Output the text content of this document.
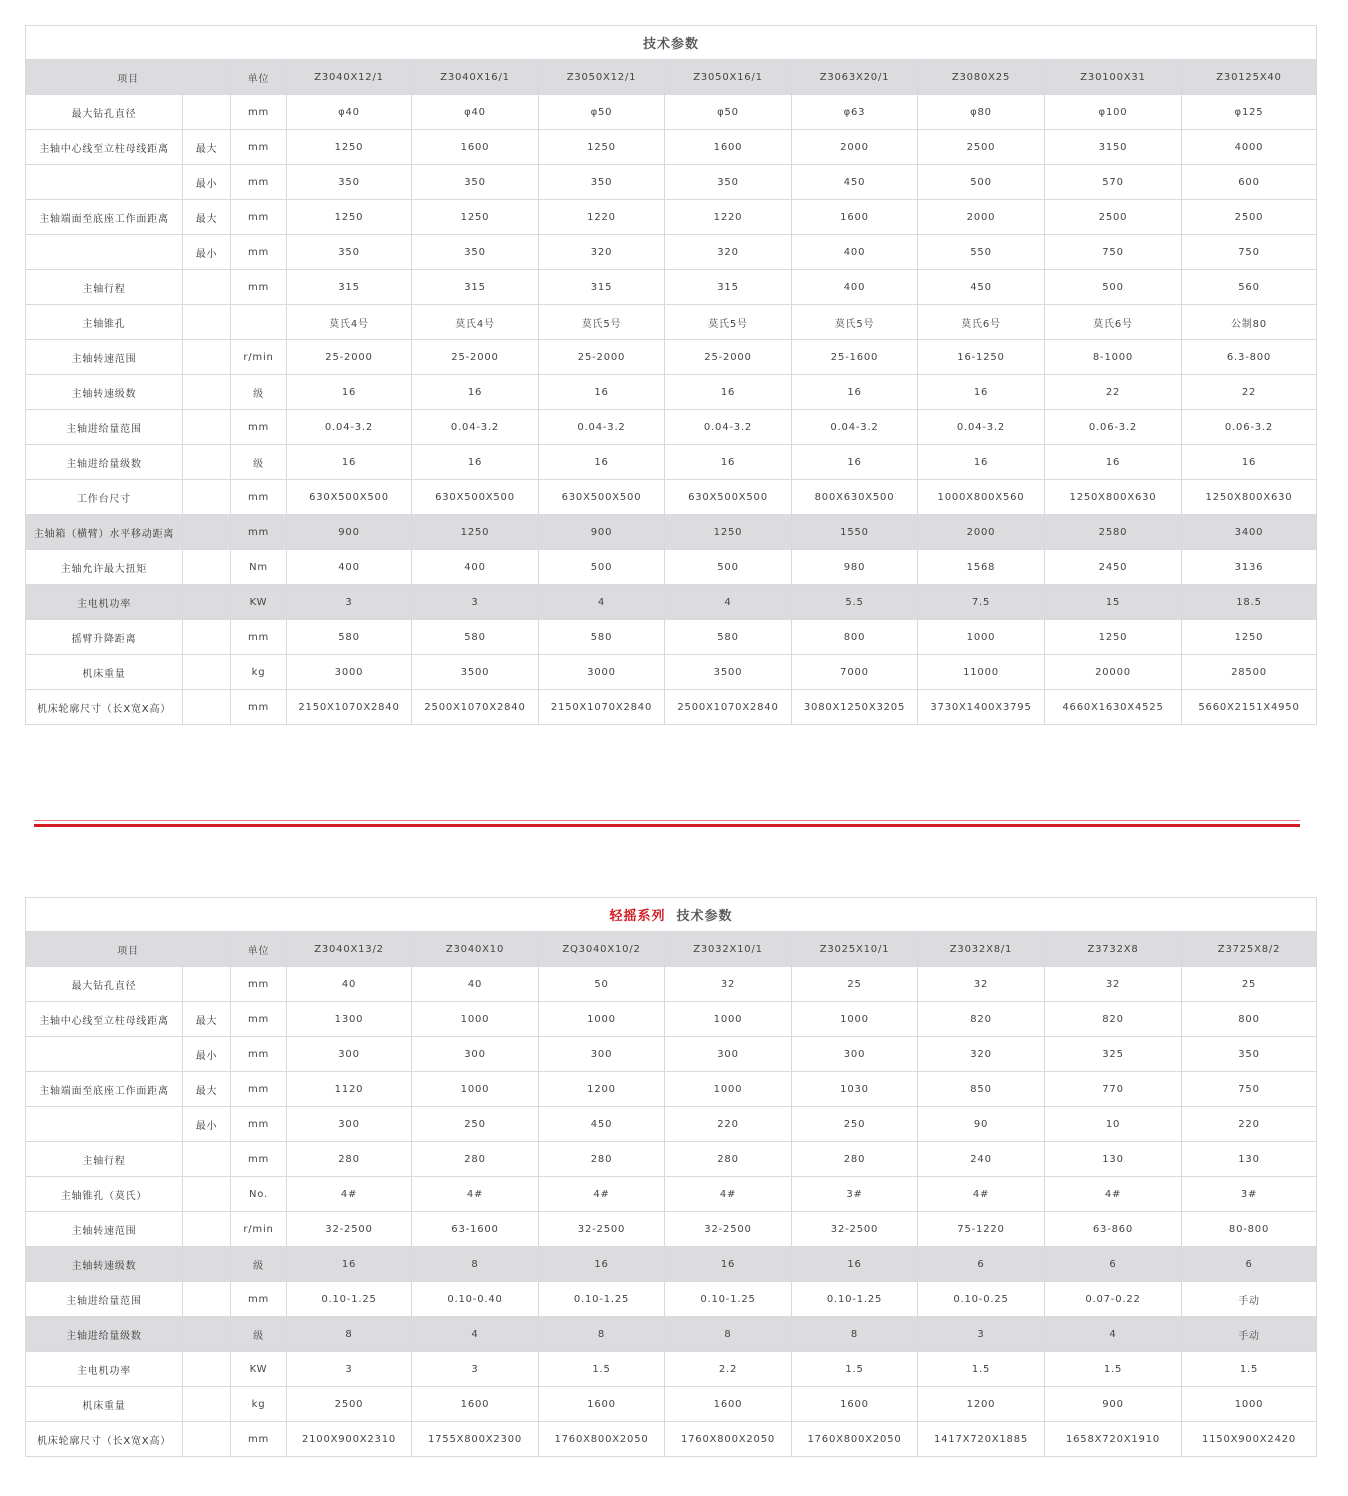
技术参数										
项目		单位	Z3040X12/1	Z3040X16/1	Z3050X12/1	Z3050X16/1	Z3063X20/1	Z3080X25	Z30100X31	Z30125X40
最大钻孔直径		mm	φ40	φ40	φ50	φ50	φ63	φ80	φ100	φ125
主轴中心线至立柱母线距离	最大	mm	1250	1600	1250	1600	2000	2500	3150	4000
	最小	mm	350	350	350	350	450	500	570	600
主轴端面至底座工作面距离	最大	mm	1250	1250	1220	1220	1600	2000	2500	2500
	最小	mm	350	350	320	320	400	550	750	750
主轴行程		mm	315	315	315	315	400	450	500	560
主轴锥孔			莫氏4号	莫氏4号	莫氏5号	莫氏5号	莫氏5号	莫氏6号	莫氏6号	公制80
主轴转速范围		r/min	25-2000	25-2000	25-2000	25-2000	25-1600	16-1250	8-1000	6.3-800
主轴转速级数		级	16	16	16	16	16	16	22	22
主轴进给量范围		mm	0.04-3.2	0.04-3.2	0.04-3.2	0.04-3.2	0.04-3.2	0.04-3.2	0.06-3.2	0.06-3.2
主轴进给量级数		级	16	16	16	16	16	16	16	16
工作台尺寸		mm	630X500X500	630X500X500	630X500X500	630X500X500	800X630X500	1000X800X560	1250X800X630	1250X800X630
主轴箱（横臂）水平移动距离		mm	900	1250	900	1250	1550	2000	2580	3400
主轴允许最大扭矩		Nm	400	400	500	500	980	1568	2450	3136
主电机功率		KW	3	3	4	4	5.5	7.5	15	18.5
摇臂升降距离		mm	580	580	580	580	800	1000	1250	1250
机床重量		kg	3000	3500	3000	3500	7000	11000	20000	28500
机床轮廓尺寸（长X宽X高）		mm	2150X1070X2840	2500X1070X2840	2150X1070X2840	2500X1070X2840	3080X1250X3205	3730X1400X3795	4660X1630X4525	5660X2151X4950
轻摇系列 技术参数										
项目		单位	Z3040X13/2	Z3040X10	ZQ3040X10/2	Z3032X10/1	Z3025X10/1	Z3032X8/1	Z3732X8	Z3725X8/2
最大钻孔直径		mm	40	40	50	32	25	32	32	25
主轴中心线至立柱母线距离	最大	mm	1300	1000	1000	1000	1000	820	820	800
	最小	mm	300	300	300	300	300	320	325	350
主轴端面至底座工作面距离	最大	mm	1120	1000	1200	1000	1030	850	770	750
	最小	mm	300	250	450	220	250	90	10	220
主轴行程		mm	280	280	280	280	280	240	130	130
主轴锥孔（莫氏）		No.	4#	4#	4#	4#	3#	4#	4#	3#
主轴转速范围		r/min	32-2500	63-1600	32-2500	32-2500	32-2500	75-1220	63-860	80-800
主轴转速级数		级	16	8	16	16	16	6	6	6
主轴进给量范围		mm	0.10-1.25	0.10-0.40	0.10-1.25	0.10-1.25	0.10-1.25	0.10-0.25	0.07-0.22	手动
主轴进给量级数		级	8	4	8	8	8	3	4	手动
主电机功率		KW	3	3	1.5	2.2	1.5	1.5	1.5	1.5
机床重量		kg	2500	1600	1600	1600	1600	1200	900	1000
机床轮廓尺寸（长X宽X高）		mm	2100X900X2310	1755X800X2300	1760X800X2050	1760X800X2050	1760X800X2050	1417X720X1885	1658X720X1910	1150X900X2420
